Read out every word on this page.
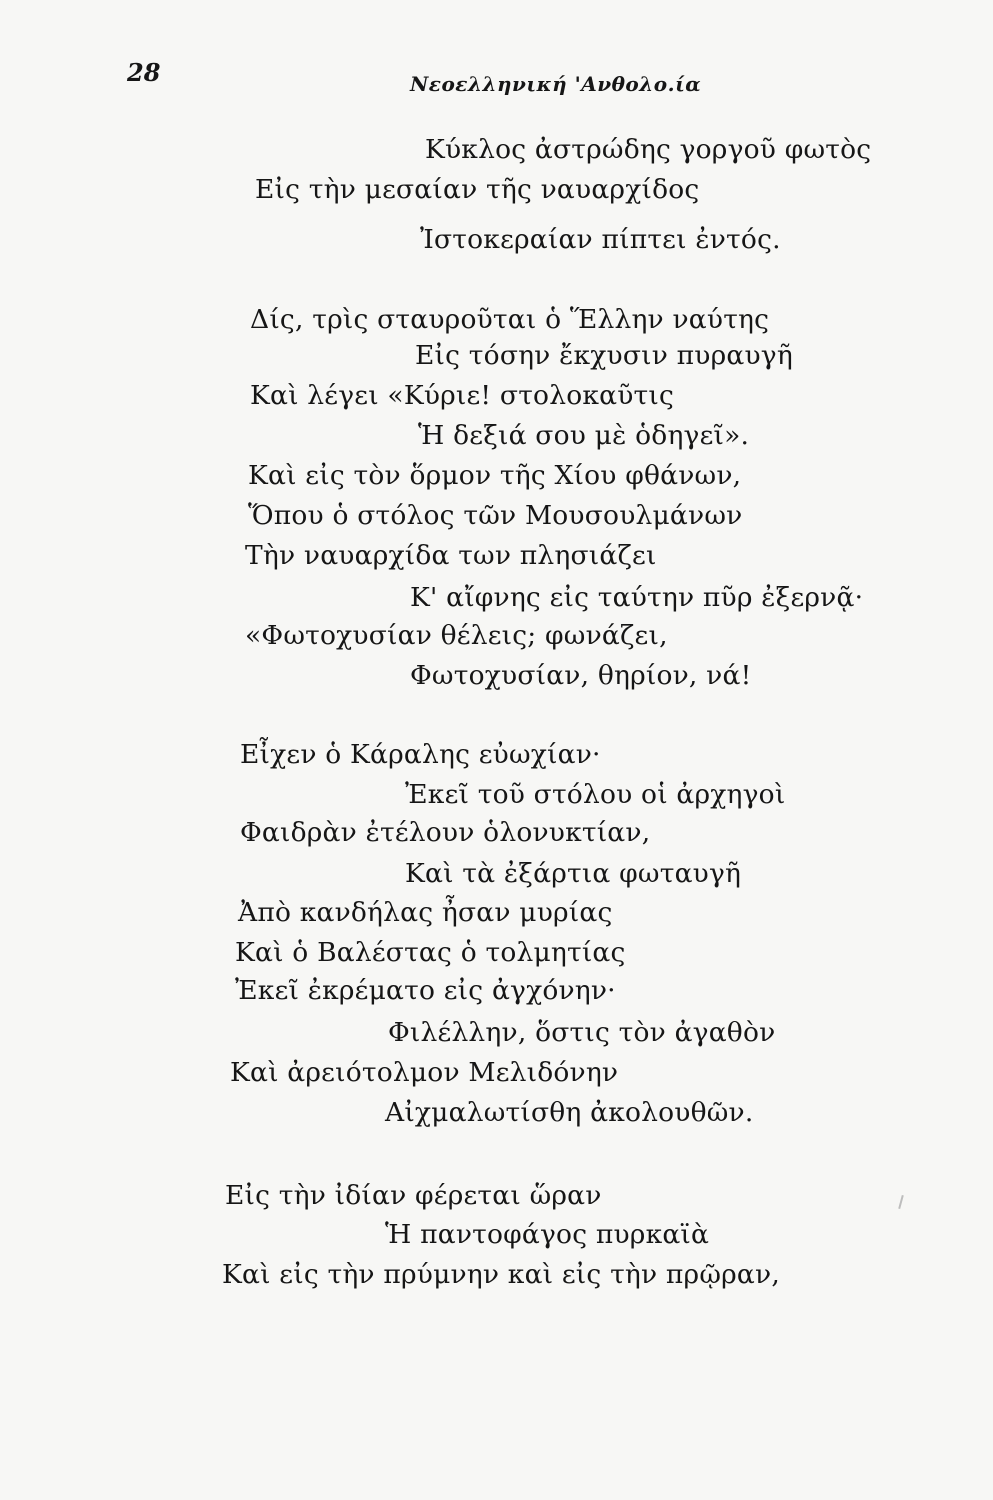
28	Νεοελληνική 'Ανθολο.ία
Κύκλος ἀστρώδης γοργοῦ φωτὸς
Εἰς τὴν μεσαίαν τῆς ναυαρχίδος
Ἰστοκεραίαν πίπτει ἐντός.
Δίς, τρὶς σταυροῦται ὁ Ἕλλην ναύτης
Εἰς τόσην ἔκχυσιν πυραυγῆ
Καὶ λέγει «Κύριε! στολοκαῦτις
Ἡ δεξιά σου μὲ ὁδηγεῖ».
Καὶ εἰς τὸν ὅρμον τῆς Χίου φθάνων,
Ὅπου ὁ στόλος τῶν Μουσουλμάνων
Τὴν ναυαρχίδα των πλησιάζει
Κ' αἴφνης εἰς ταύτην πῦρ ἐξερνᾷ·
«Φωτοχυσίαν θέλεις; φωνάζει,
Φωτοχυσίαν, θηρίον, νά!
Εἶχεν ὁ Κάραλης εὐωχίαν·
Ἐκεῖ τοῦ στόλου οἱ ἀρχηγοὶ
Φαιδρὰν ἐτέλουν ὁλονυκτίαν,
Καὶ τὰ ἐξάρτια φωταυγῆ
Ἀπὸ κανδήλας ἦσαν μυρίας
Καὶ ὁ Βαλέστας ὁ τολμητίας
Ἐκεῖ ἐκρέματο εἰς ἀγχόνην·
Φιλέλλην, ὅστις τὸν ἀγαθὸν
Καὶ ἀρειότολμον Μελιδόνην
Αἰχμαλωτίσθη ἀκολουθῶν.
Εἰς τὴν ἰδίαν φέρεται ὥραν
Ἡ παντοφάγος πυρκαϊὰ
Καὶ εἰς τὴν πρύμνην καὶ εἰς τὴν πρῷραν,
